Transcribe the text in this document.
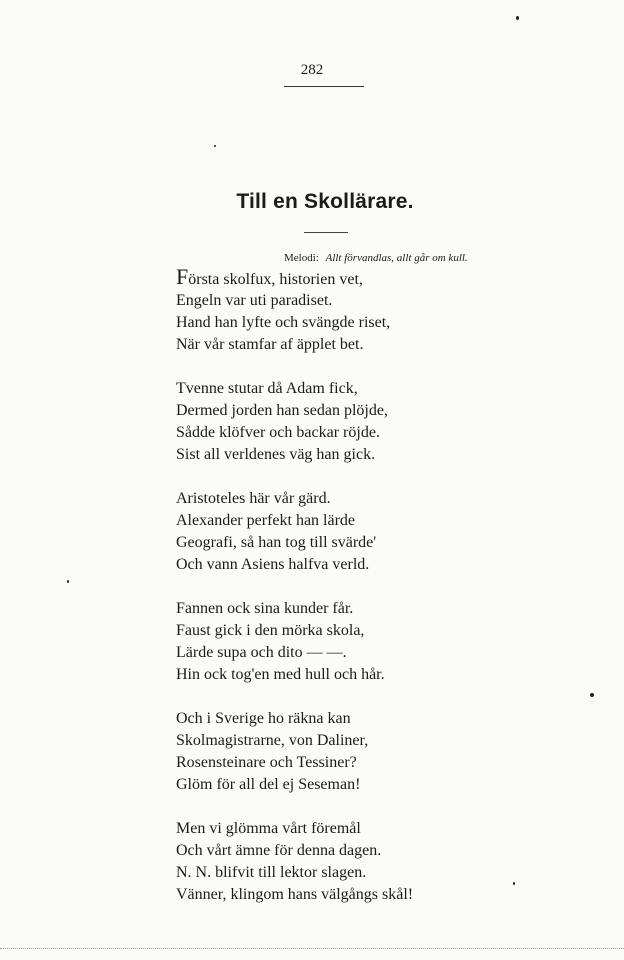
282
Till en Skollärare.
Melodi: Allt förvandlas, allt går om kull.
Första skolfux, historien vet,
Engeln var uti paradiset.
Hand han lyfte och svängde riset,
När vår stamfar af äpplet bet.
Tvenne stutar då Adam fick,
Dermed jorden han sedan plöjde,
Sådde klöfver och backar röjde.
Sist all verldenes väg han gick.
Aristoteles här vår gärd.
Alexander perfekt han lärde
Geografi, så han tog till svärde'
Och vann Asiens halfva verld.
Fannen ock sina kunder får.
Faust gick i den mörka skola,
Lärde supa och dito — —.
Hin ock tog'en med hull och hår.
Och i Sverige ho räkna kan
Skolmagistrarne, von Daliner,
Rosensteinare och Tessiner?
Glöm för all del ej Seseman!
Men vi glömma vårt föremål
Och vårt ämne för denna dagen.
N. N. blifvit till lektor slagen.
Vänner, klingom hans välgångs skål!
